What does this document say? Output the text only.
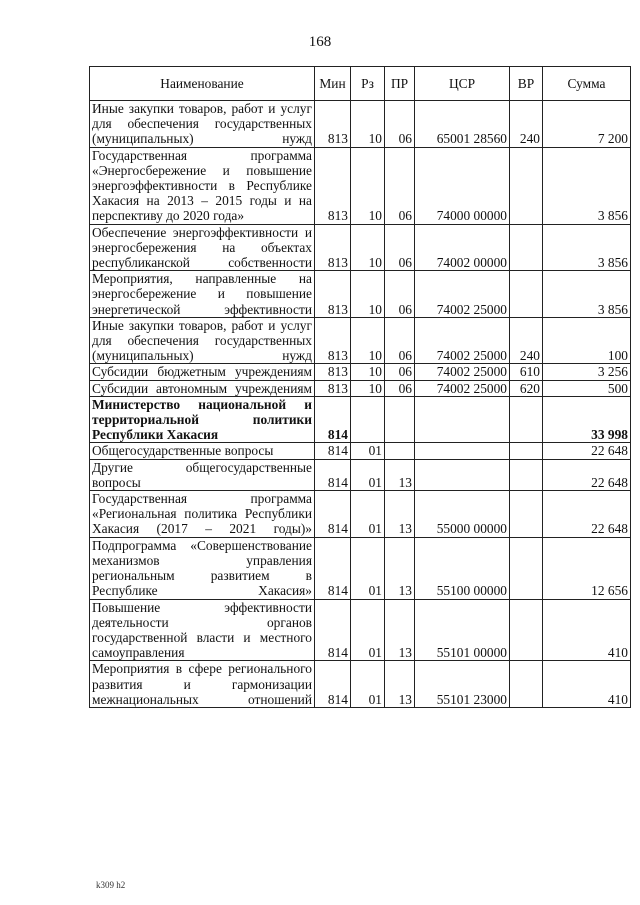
168
Наименование	Мин	Рз	ПР	ЦСР	ВР	Сумма
Иные закупки товаров, работ и услуг для обеспечения государственных (муниципальных) нужд	813	10	06	65001 28560	240	7 200
Государственная программа «Энергосбережение и повышение энергоэффективности в Республике Хакасия на 2013 – 2015 годы и на перспективу до 2020 года»	813	10	06	74000 00000		3 856
Обеспечение энергоэффективности и энергосбережения на объектах республиканской собственности	813	10	06	74002 00000		3 856
Мероприятия, направленные на энергосбережение и повышение энергетической эффективности	813	10	06	74002 25000		3 856
Иные закупки товаров, работ и услуг для обеспечения государственных (муниципальных) нужд	813	10	06	74002 25000	240	100
Субсидии бюджетным учреждениям	813	10	06	74002 25000	610	3 256
Субсидии автономным учреждениям	813	10	06	74002 25000	620	500
Министерство национальной и территориальной политики Республики Хакасия	814					33 998
Общегосударственные вопросы	814	01				22 648
Другие общегосударственные вопросы	814	01	13			22 648
Государственная программа «Региональная политика Республики Хакасия (2017 – 2021 годы)»	814	01	13	55000 00000		22 648
Подпрограмма «Совершенствование механизмов управления региональным развитием в Республике Хакасия»	814	01	13	55100 00000		12 656
Повышение эффективности деятельности органов государственной власти и местного самоуправления	814	01	13	55101 00000		410
Мероприятия в сфере регионального развития и гармонизации межнациональных отношений	814	01	13	55101 23000		410
k309 h2
